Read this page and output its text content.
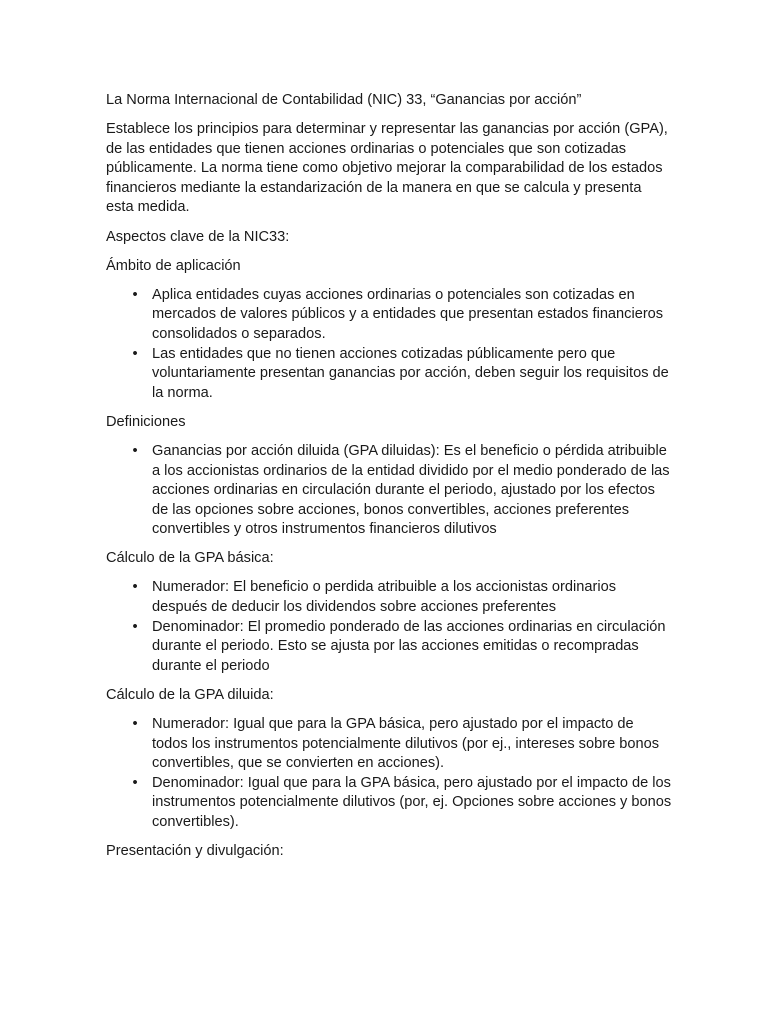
La Norma Internacional de Contabilidad (NIC) 33, “Ganancias por acción”

Establece los principios para determinar y representar las ganancias por acción (GPA), de las entidades que tienen acciones ordinarias o potenciales que son cotizadas públicamente. La norma tiene como objetivo mejorar la comparabilidad de los estados financieros mediante la estandarización de la manera en que se calcula y presenta esta medida.

Aspectos clave de la NIC33:

Ámbito de aplicación

• Aplica entidades cuyas acciones ordinarias o potenciales son cotizadas en mercados de valores públicos y a entidades que presentan estados financieros consolidados o separados.
• Las entidades que no tienen acciones cotizadas públicamente pero que voluntariamente presentan ganancias por acción, deben seguir los requisitos de la norma.

Definiciones

• Ganancias por acción diluida (GPA diluidas): Es el beneficio o pérdida atribuible a los accionistas ordinarios de la entidad dividido por el medio ponderado de las acciones ordinarias en circulación durante el periodo, ajustado por los efectos de las opciones sobre acciones, bonos convertibles, acciones preferentes convertibles y otros instrumentos financieros dilutivos

Cálculo de la GPA básica:

• Numerador: El beneficio o perdida atribuible a los accionistas ordinarios después de deducir los dividendos sobre acciones preferentes
• Denominador: El promedio ponderado de las acciones ordinarias en circulación durante el periodo. Esto se ajusta por las acciones emitidas o recompradas durante el periodo

Cálculo de la GPA diluida:

• Numerador: Igual que para la GPA básica, pero ajustado por el impacto de todos los instrumentos potencialmente dilutivos (por ej., intereses sobre bonos convertibles, que se convierten en acciones).
• Denominador: Igual que para la GPA básica, pero ajustado por el impacto de los instrumentos potencialmente dilutivos (por, ej. Opciones sobre acciones y bonos convertibles).

Presentación y divulgación:
